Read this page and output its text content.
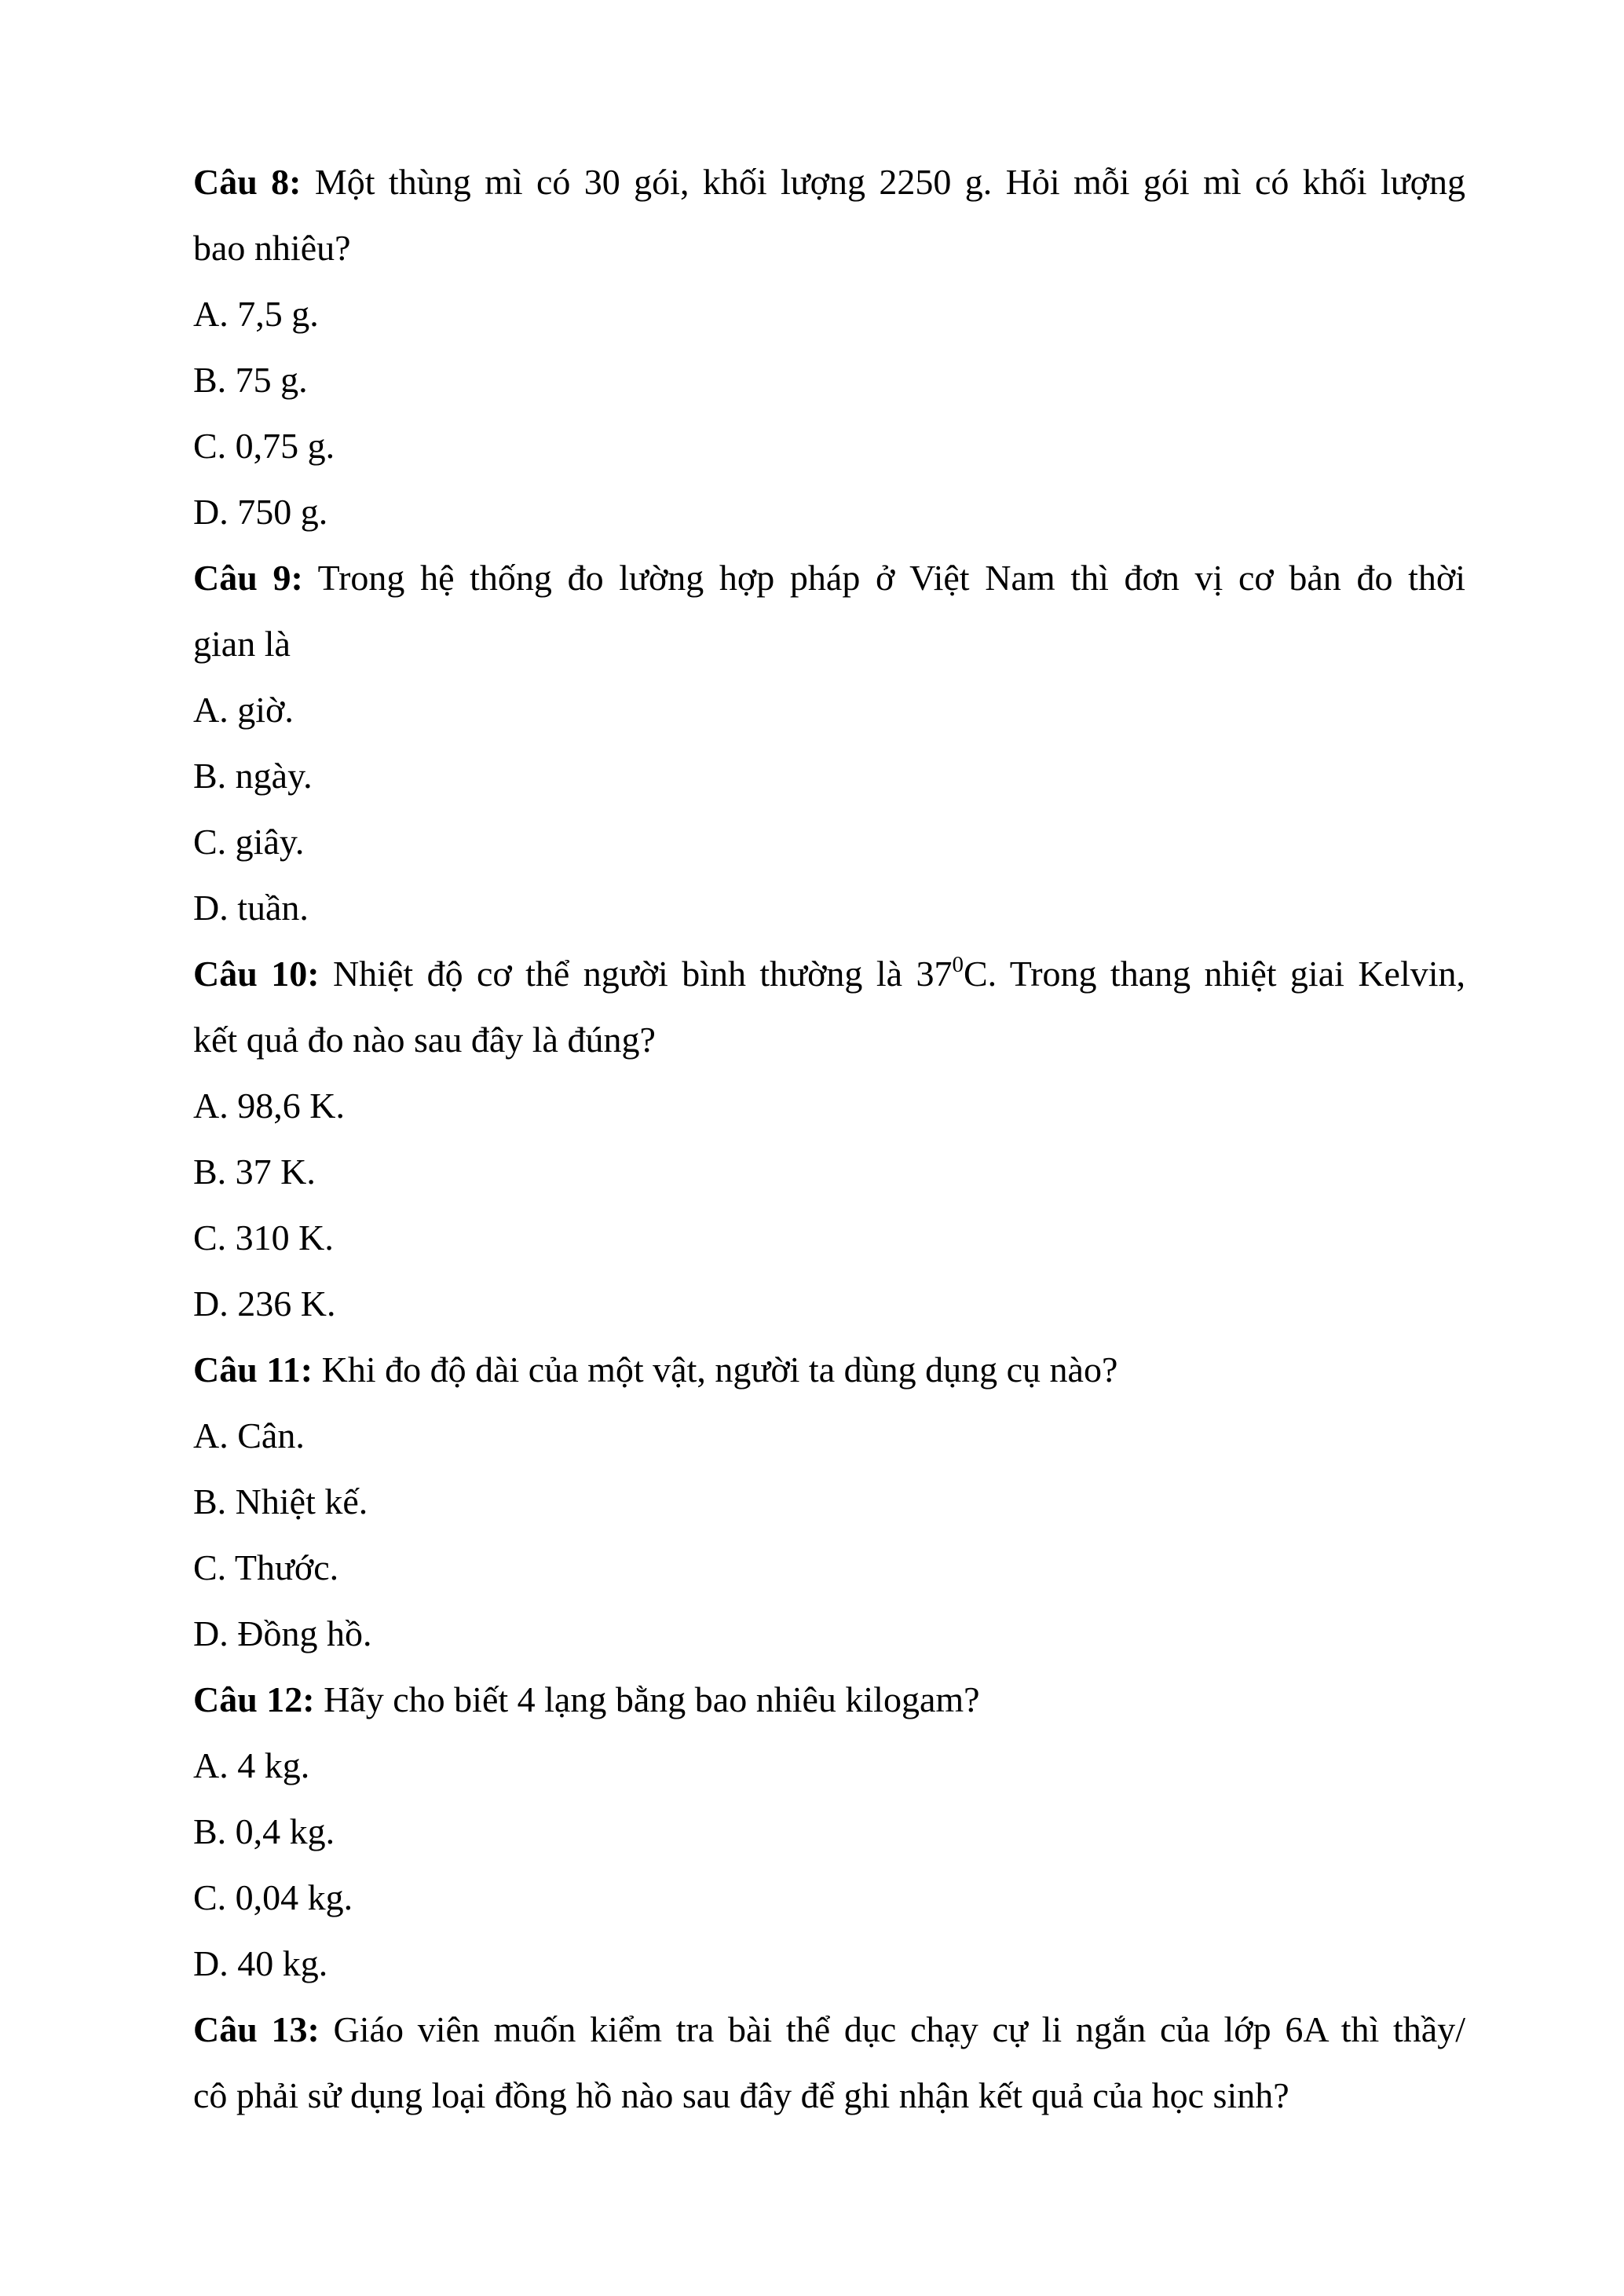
Câu 8: Một thùng mì có 30 gói, khối lượng 2250 g. Hỏi mỗi gói mì có khối lượng
bao nhiêu?
A. 7,5 g.
B. 75 g.
C. 0,75 g.
D. 750 g.
Câu 9: Trong hệ thống đo lường hợp pháp ở Việt Nam thì đơn vị cơ bản đo thời
gian là
A. giờ.
B. ngày.
C. giây.
D. tuần.
Câu 10: Nhiệt độ cơ thể người bình thường là $37^0C$. Trong thang nhiệt giai Kelvin,
kết quả đo nào sau đây là đúng?
A. 98,6 K.
B. 37 K.
C. 310 K.
D. 236 K.
Câu 11: Khi đo độ dài của một vật, người ta dùng dụng cụ nào?
A. Cân.
B. Nhiệt kế.
C. Thước.
D. Đồng hồ.
Câu 12: Hãy cho biết 4 lạng bằng bao nhiêu kilogam?
A. 4 kg.
B. 0,4 kg.
C. 0,04 kg.
D. 40 kg.
Câu 13: Giáo viên muốn kiểm tra bài thể dục chạy cự li ngắn của lớp 6A thì thầy/
cô phải sử dụng loại đồng hồ nào sau đây để ghi nhận kết quả của học sinh?
